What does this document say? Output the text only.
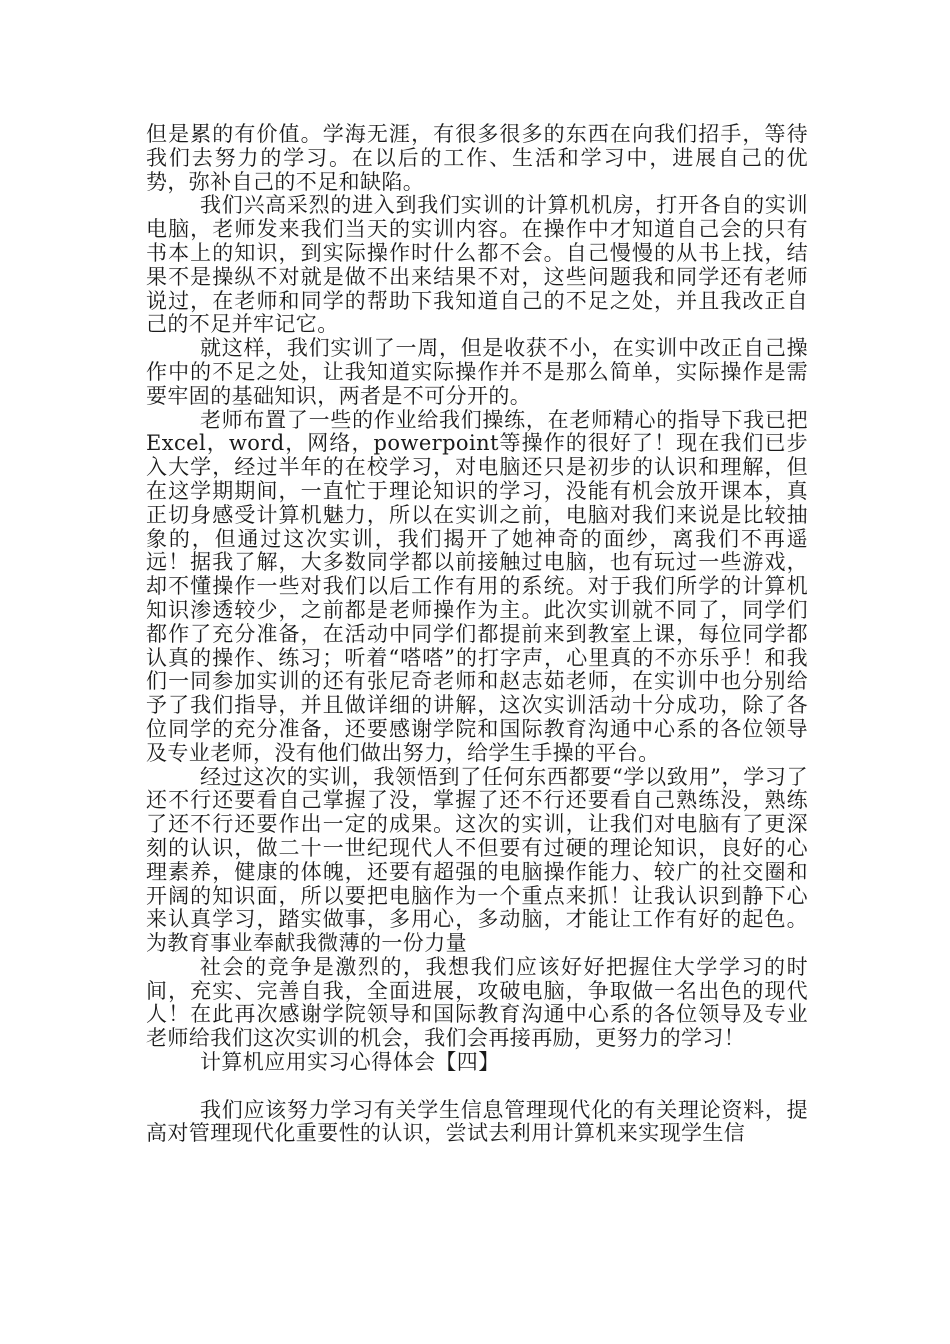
但是累的有价值。学海无涯，有很多很多的东西在向我们招手，等待我们去努力的学习。在以后的工作、生活和学习中，进展自己的优势，弥补自己的不足和缺陷。

我们兴高采烈的进入到我们实训的计算机机房，打开各自的实训电脑，老师发来我们当天的实训内容。在操作中才知道自己会的只有书本上的知识，到实际操作时什么都不会。自己慢慢的从书上找，结果不是操纵不对就是做不出来结果不对，这些问题我和同学还有老师说过，在老师和同学的帮助下我知道自己的不足之处，并且我改正自己的不足并牢记它。

就这样，我们实训了一周，但是收获不小，在实训中改正自己操作中的不足之处，让我知道实际操作并不是那么简单，实际操作是需要牢固的基础知识，两者是不可分开的。

老师布置了一些的作业给我们操练，在老师精心的指导下我已把Excel，word，网络，powerpoint等操作的很好了！现在我们已步入大学，经过半年的在校学习，对电脑还只是初步的认识和理解，但在这学期期间，一直忙于理论知识的学习，没能有机会放开课本，真正切身感受计算机魅力，所以在实训之前，电脑对我们来说是比较抽象的，但通过这次实训，我们揭开了她神奇的面纱，离我们不再遥远！据我了解，大多数同学都以前接触过电脑，也有玩过一些游戏，却不懂操作一些对我们以后工作有用的系统。对于我们所学的计算机知识渗透较少，之前都是老师操作为主。此次实训就不同了，同学们都作了充分准备，在活动中同学们都提前来到教室上课，每位同学都认真的操作、练习；听着“嗒嗒”的打字声，心里真的不亦乐乎！和我们一同参加实训的还有张尼奇老师和赵志茹老师，在实训中也分别给予了我们指导，并且做详细的讲解，这次实训活动十分成功，除了各位同学的充分准备，还要感谢学院和国际教育沟通中心系的各位领导及专业老师，没有他们做出努力，给学生手操的平台。

经过这次的实训，我领悟到了任何东西都要“学以致用”，学习了还不行还要看自己掌握了没，掌握了还不行还要看自己熟练没，熟练了还不行还要作出一定的成果。这次的实训，让我们对电脑有了更深刻的认识，做二十一世纪现代人不但要有过硬的理论知识，良好的心理素养，健康的体魄，还要有超强的电脑操作能力、较广的社交圈和开阔的知识面，所以要把电脑作为一个重点来抓！让我认识到静下心来认真学习，踏实做事，多用心，多动脑，才能让工作有好的起色。为教育事业奉献我微薄的一份力量

社会的竞争是激烈的，我想我们应该好好把握住大学学习的时间，充实、完善自我，全面进展，攻破电脑，争取做一名出色的现代人！在此再次感谢学院领导和国际教育沟通中心系的各位领导及专业老师给我们这次实训的机会，我们会再接再励，更努力的学习！

计算机应用实习心得体会【四】

我们应该努力学习有关学生信息管理现代化的有关理论资料，提高对管理现代化重要性的认识，尝试去利用计算机来实现学生信
